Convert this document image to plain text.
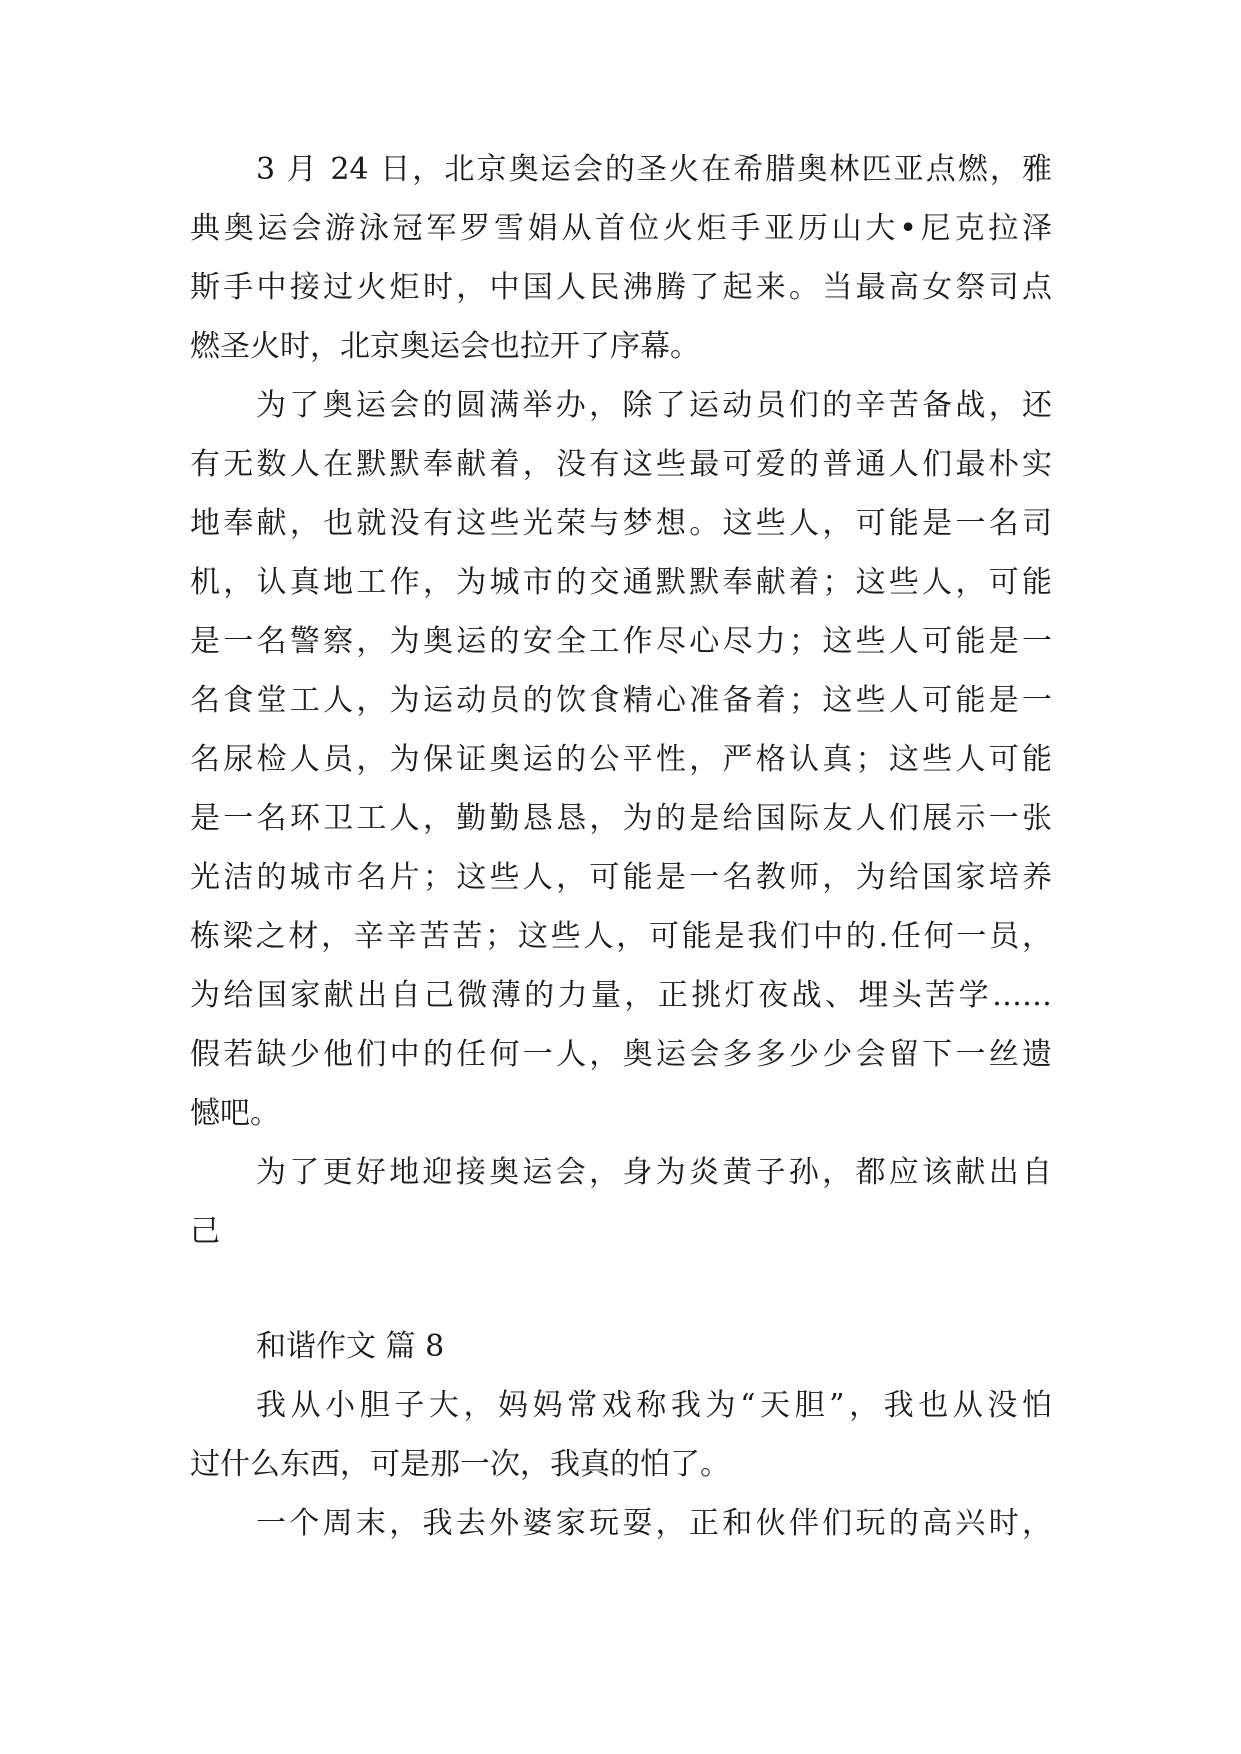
3 月 24 日，北京奥运会的圣火在希腊奥林匹亚点燃，雅
典奥运会游泳冠军罗雪娟从首位火炬手亚历山大•尼克拉泽
斯手中接过火炬时，中国人民沸腾了起来。当最高女祭司点
燃圣火时，北京奥运会也拉开了序幕。
为了奥运会的圆满举办，除了运动员们的辛苦备战，还
有无数人在默默奉献着，没有这些最可爱的普通人们最朴实
地奉献，也就没有这些光荣与梦想。这些人，可能是一名司
机，认真地工作，为城市的交通默默奉献着；这些人，可能
是一名警察，为奥运的安全工作尽心尽力；这些人可能是一
名食堂工人，为运动员的饮食精心准备着；这些人可能是一
名尿检人员，为保证奥运的公平性，严格认真；这些人可能
是一名环卫工人，勤勤恳恳，为的是给国际友人们展示一张
光洁的城市名片；这些人，可能是一名教师，为给国家培养
栋梁之材，辛辛苦苦；这些人，可能是我们中的.任何一员，
为给国家献出自己微薄的力量，正挑灯夜战、埋头苦学……
假若缺少他们中的任何一人，奥运会多多少少会留下一丝遗
憾吧。
为了更好地迎接奥运会，身为炎黄子孙，都应该献出自
己
和谐作文 篇 8
我从小胆子大，妈妈常戏称我为“天胆”，我也从没怕
过什么东西，可是那一次，我真的怕了。
一个周末，我去外婆家玩耍，正和伙伴们玩的高兴时，
